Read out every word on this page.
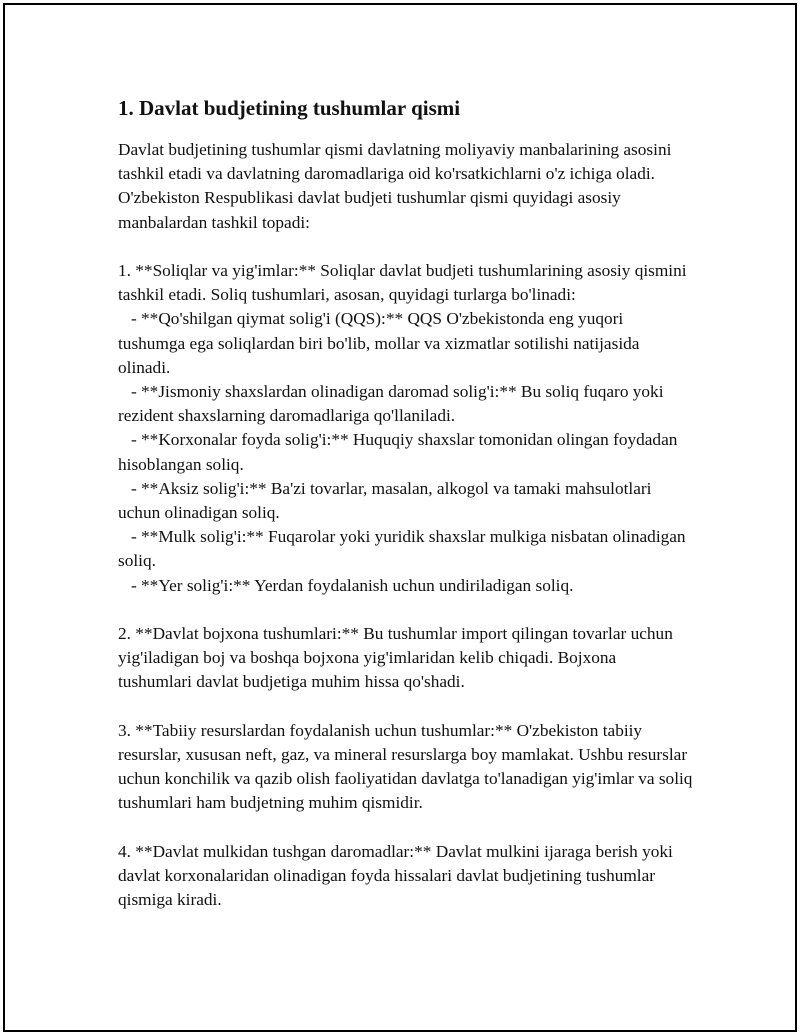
1. Davlat budjetining tushumlar qismi

Davlat budjetining tushumlar qismi davlatning moliyaviy manbalarining asosini tashkil etadi va davlatning daromadlariga oid ko'rsatkichlarni o'z ichiga oladi. O'zbekiston Respublikasi davlat budjeti tushumlar qismi quyidagi asosiy manbalardan tashkil topadi:

1. **Soliqlar va yig'imlar:** Soliqlar davlat budjeti tushumlarining asosiy qismini tashkil etadi. Soliq tushumlari, asosan, quyidagi turlarga bo'linadi:

- **Qo'shilgan qiymat solig'i (QQS):** QQS O'zbekistonda eng yuqori tushumga ega soliqlardan biri bo'lib, mollar va xizmatlar sotilishi natijasida olinadi.

- **Jismoniy shaxslardan olinadigan daromad solig'i:** Bu soliq fuqaro yoki rezident shaxslarning daromadlariga qo'llaniladi.

- **Korxonalar foyda solig'i:** Huquqiy shaxslar tomonidan olingan foydadan hisoblangan soliq.

- **Aksiz solig'i:** Ba'zi tovarlar, masalan, alkogol va tamaki mahsulotlari uchun olinadigan soliq.

- **Mulk solig'i:** Fuqarolar yoki yuridik shaxslar mulkiga nisbatan olinadigan soliq.

- **Yer solig'i:** Yerdan foydalanish uchun undiriladigan soliq.

2. **Davlat bojxona tushumlari:** Bu tushumlar import qilingan tovarlar uchun yig'iladigan boj va boshqa bojxona yig'imlaridan kelib chiqadi. Bojxona tushumlari davlat budjetiga muhim hissa qo'shadi.

3. **Tabiiy resurslardan foydalanish uchun tushumlar:** O'zbekiston tabiiy resurslar, xususan neft, gaz, va mineral resurslarga boy mamlakat. Ushbu resurslar uchun konchilik va qazib olish faoliyatidan davlatga to'lanadigan yig'imlar va soliq tushumlari ham budjetning muhim qismidir.

4. **Davlat mulkidan tushgan daromadlar:** Davlat mulkini ijaraga berish yoki davlat korxonalaridan olinadigan foyda hissalari davlat budjetining tushumlar qismiga kiradi.
